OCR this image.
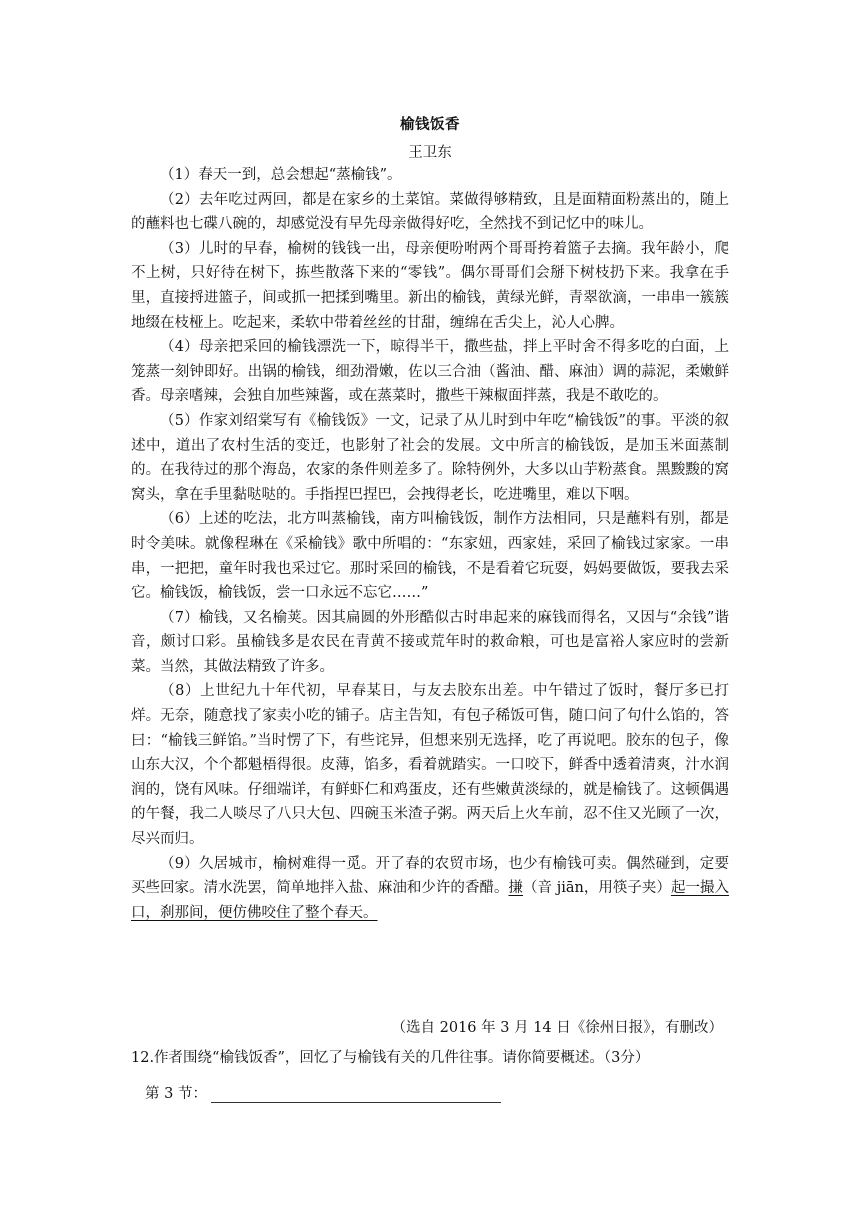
榆钱饭香
王卫东

（1）春天一到，总会想起“蒸榆钱”。

（2）去年吃过两回，都是在家乡的土菜馆。菜做得够精致，且是面精面粉蒸出的，随上的蘸料也七碟八碗的，却感觉没有早先母亲做得好吃，全然找不到记忆中的味儿。

（3）儿时的早春，榆树的钱钱一出，母亲便吩咐两个哥哥挎着篮子去摘。我年龄小，爬不上树，只好待在树下，拣些散落下来的“零钱”。偶尔哥哥们会掰下树枝扔下来。我拿在手里，直接捋进篮子，间或抓一把揉到嘴里。新出的榆钱，黄绿光鲜，青翠欲滴，一串串一簇簇地缀在枝桠上。吃起来，柔软中带着丝丝的甘甜，缠绵在舌尖上，沁人心脾。

（4）母亲把采回的榆钱漂洗一下，晾得半干，撒些盐，拌上平时舍不得多吃的白面，上笼蒸一刻钟即好。出锅的榆钱，细劲滑嫩，佐以三合油（酱油、醋、麻油）调的蒜泥，柔嫩鲜香。母亲嗜辣，会独自加些辣酱，或在蒸菜时，撒些干辣椒面拌蒸，我是不敢吃的。

（5）作家刘绍棠写有《榆钱饭》一文，记录了从儿时到中年吃“榆钱饭”的事。平淡的叙述中，道出了农村生活的变迁，也影射了社会的发展。文中所言的榆钱饭，是加玉米面蒸制的。在我待过的那个海岛，农家的条件则差多了。除特例外，大多以山芋粉蒸食。黑黢黢的窝窝头，拿在手里黏哒哒的。手指捏巴捏巴，会拽得老长，吃进嘴里，难以下咽。

（6）上述的吃法，北方叫蒸榆钱，南方叫榆钱饭，制作方法相同，只是蘸料有别，都是时令美味。就像程琳在《采榆钱》歌中所唱的：“东家妞，西家娃，采回了榆钱过家家。一串串，一把把，童年时我也采过它。那时采回的榆钱，不是看着它玩耍，妈妈要做饭，要我去采它。榆钱饭，榆钱饭，尝一口永远不忘它……”

（7）榆钱，又名榆荚。因其扁圆的外形酷似古时串起来的麻钱而得名，又因与“余钱”谐音，颇讨口彩。虽榆钱多是农民在青黄不接或荒年时的救命粮，可也是富裕人家应时的尝新菜。当然，其做法精致了许多。

（8）上世纪九十年代初，早春某日，与友去胶东出差。中午错过了饭时，餐厅多已打烊。无奈，随意找了家卖小吃的铺子。店主告知，有包子稀饭可售，随口问了句什么馅的，答曰：“榆钱三鲜馅。”当时愣了下，有些诧异，但想来别无选择，吃了再说吧。胶东的包子，像山东大汉，个个都魁梧得很。皮薄，馅多，看着就踏实。一口咬下，鲜香中透着清爽，汁水润润的，饶有风味。仔细端详，有鲜虾仁和鸡蛋皮，还有些嫩黄淡绿的，就是榆钱了。这顿偶遇的午餐，我二人啖尽了八只大包、四碗玉米渣子粥。两天后上火车前，忍不住又光顾了一次，尽兴而归。

（9）久居城市，榆树难得一觅。开了春的农贸市场，也少有榆钱可卖。偶然碰到，定要买些回家。清水洗罢，简单地拌入盐、麻油和少许的香醋。搛（音 jiān，用筷子夹）起一撮入口，刹那间，便仿佛咬住了整个春天。

（选自 2016 年 3 月 14 日《徐州日报》，有删改）
12.作者围绕“榆钱饭香”，回忆了与榆钱有关的几件往事。请你简要概述。（3分）
第 3 节：
